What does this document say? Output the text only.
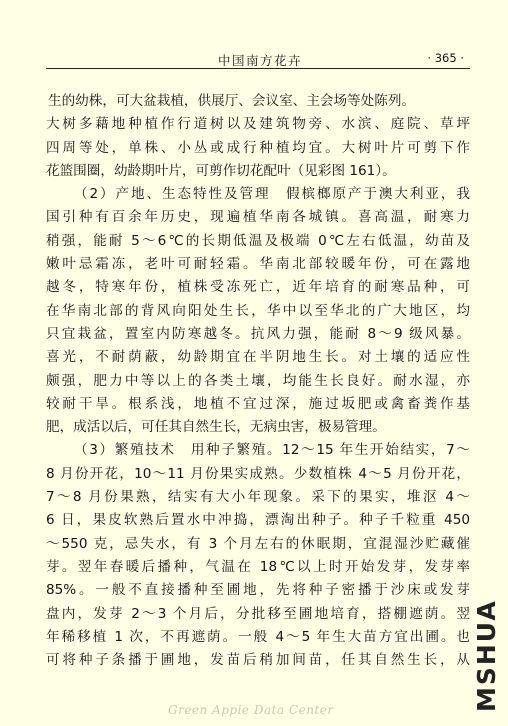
中国南方花卉	· 365 ·
生的幼株，可大盆栽植，供展厅、会议室、主会场等处陈列。
大树多藉地种植作行道树以及建筑物旁、水滨、庭院、草坪
四周等处，单株、小丛或成行种植均宜。大树叶片可剪下作
花篮围圈，幼龄期叶片，可剪作切花配叶（见彩图 161）。
（2）产地、生态特性及管理　假槟榔原产于澳大利亚，我
国引种有百余年历史，现遍植华南各城镇。喜高温，耐寒力
稍强，能耐 5～6℃的长期低温及极端 0℃左右低温，幼苗及
嫩叶忌霜冻，老叶可耐轻霜。华南北部较暖年份，可在露地
越冬，特寒年份，植株受冻死亡，近年培育的耐寒品种，可
在华南北部的背风向阳处生长，华中以至华北的广大地区，均
只宜栽盆，置室内防寒越冬。抗风力强，能耐 8～9 级风暴。
喜光，不耐荫蔽，幼龄期宜在半阴地生长。对土壤的适应性
颇强，肥力中等以上的各类土壤，均能生长良好。耐水湿，亦
较耐干旱。根系浅，地植不宜过深，施过坂肥或禽畜粪作基
肥，成活以后，可任其自然生长，无病虫害，极易管理。
（3）繁殖技术　用种子繁殖。12～15 年生开始结实，7～
8 月份开花，10～11 月份果实成熟。少数植株 4～5 月份开花，
7～8 月份果熟，结实有大小年现象。采下的果实，堆沤 4～
6 日，果皮软熟后置水中冲捣，漂淘出种子。种子千粒重 450
～550 克，忌失水，有 3 个月左右的休眠期，宜混湿沙贮藏催
芽。翌年春暖后播种，气温在 18℃以上时开始发芽，发芽率
85%。一般不直接播种至圃地，先将种子密播于沙床或发芽
盘内，发芽 2～3 个月后，分批移至圃地培育，搭棚遮荫。翌
年稀移植 1 次，不再遮荫。一般 4～5 年生大苗方宜出圃。也
可将种子条播于圃地，发苗后稍加间苗，任其自然生长，从
Green Apple Data Center	MSHUA
